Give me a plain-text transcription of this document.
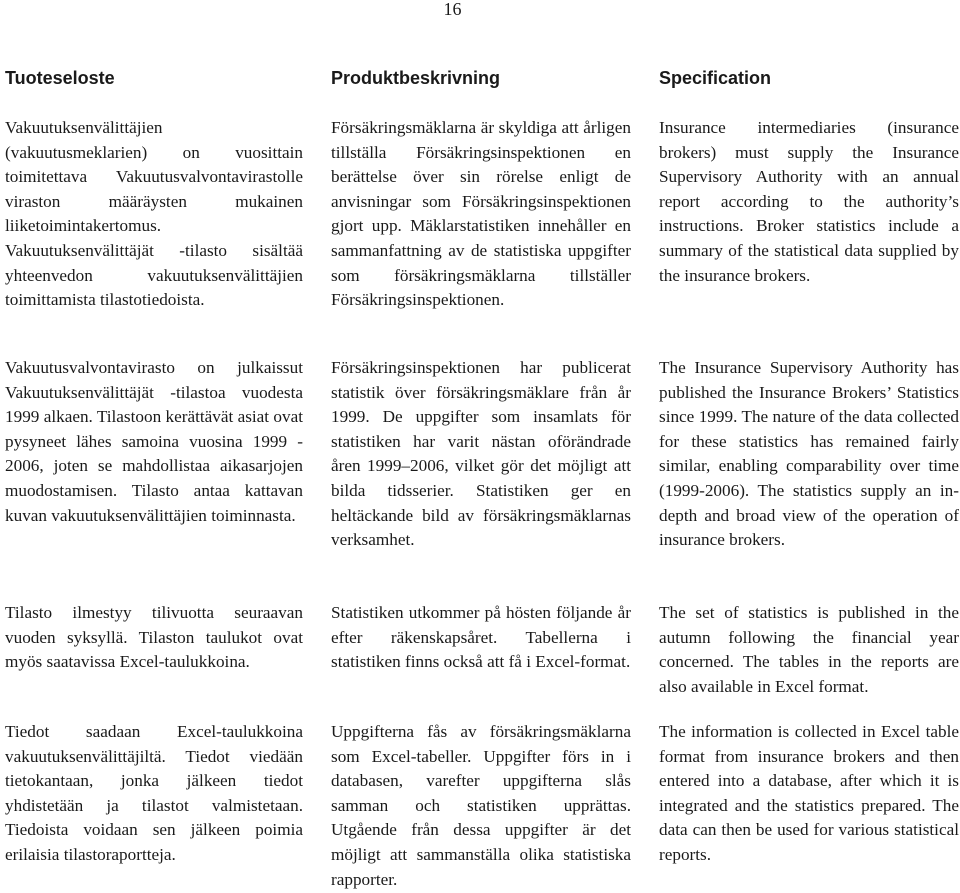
16
Tuoteseloste

Vakuutuksenvälittäjien (vakuutusmeklarien) on vuosittain toimitettava Vakuutusvalvontavirastolle viraston määräysten mukainen liiketoimintakertomus. Vakuutuksenvälittäjät -tilasto sisältää yhteenvedon vakuutuksenvälittäjien toimittamista tilastotiedoista.

Vakuutusvalvontavirasto on julkaissut Vakuutuksenvälittäjät -tilastoa vuodesta 1999 alkaen. Tilastoon kerättävät asiat ovat pysyneet lähes samoina vuosina 1999 - 2006, joten se mahdollistaa aikasarjojen muodostamisen. Tilasto antaa kattavan kuvan vakuutuksenvälittäjien toiminnasta.

Tilasto ilmestyy tilivuotta seuraavan vuoden syksyllä. Tilaston taulukot ovat myös saatavissa Excel-taulukkoina.

Tiedot saadaan Excel-taulukkoina vakuutuksenvälittäjiltä. Tiedot viedään tietokantaan, jonka jälkeen tiedot yhdistetään ja tilastot valmistetaan. Tiedoista voidaan sen jälkeen poimia erilaisia tilastoraportteja.

Produktbeskrivning

Försäkringsmäklarna är skyldiga att årligen tillställa Försäkringsinspektionen en berättelse över sin rörelse enligt de anvisningar som Försäkringsinspektionen gjort upp. Mäklarstatistiken innehåller en sammanfattning av de statistiska uppgifter som försäkringsmäklarna tillställer Försäkringsinspektionen.

Försäkringsinspektionen har publicerat statistik över försäkringsmäklare från år 1999. De uppgifter som insamlats för statistiken har varit nästan oförändrade åren 1999–2006, vilket gör det möjligt att bilda tidsserier. Statistiken ger en heltäckande bild av försäkringsmäklarnas verksamhet.

Statistiken utkommer på hösten följande år efter räkenskapsåret. Tabellerna i statistiken finns också att få i Excel-format.

Uppgifterna fås av försäkringsmäklarna som Excel-tabeller. Uppgifter förs in i databasen, varefter uppgifterna slås samman och statistiken upprättas. Utgående från dessa uppgifter är det möjligt att sammanställa olika statistiska rapporter.

Specification

Insurance intermediaries (insurance brokers) must supply the Insurance Supervisory Authority with an annual report according to the authority’s instructions. Broker statistics include a summary of the statistical data supplied by the insurance brokers.

The Insurance Supervisory Authority has published the Insurance Brokers’ Statistics since 1999. The nature of the data collected for these statistics has remained fairly similar, enabling comparability over time (1999-2006). The statistics supply an in-depth and broad view of the operation of insurance brokers.

The set of statistics is published in the autumn following the financial year concerned. The tables in the reports are also available in Excel format.

The information is collected in Excel table format from insurance brokers and then entered into a database, after which it is integrated and the statistics prepared. The data can then be used for various statistical reports.
